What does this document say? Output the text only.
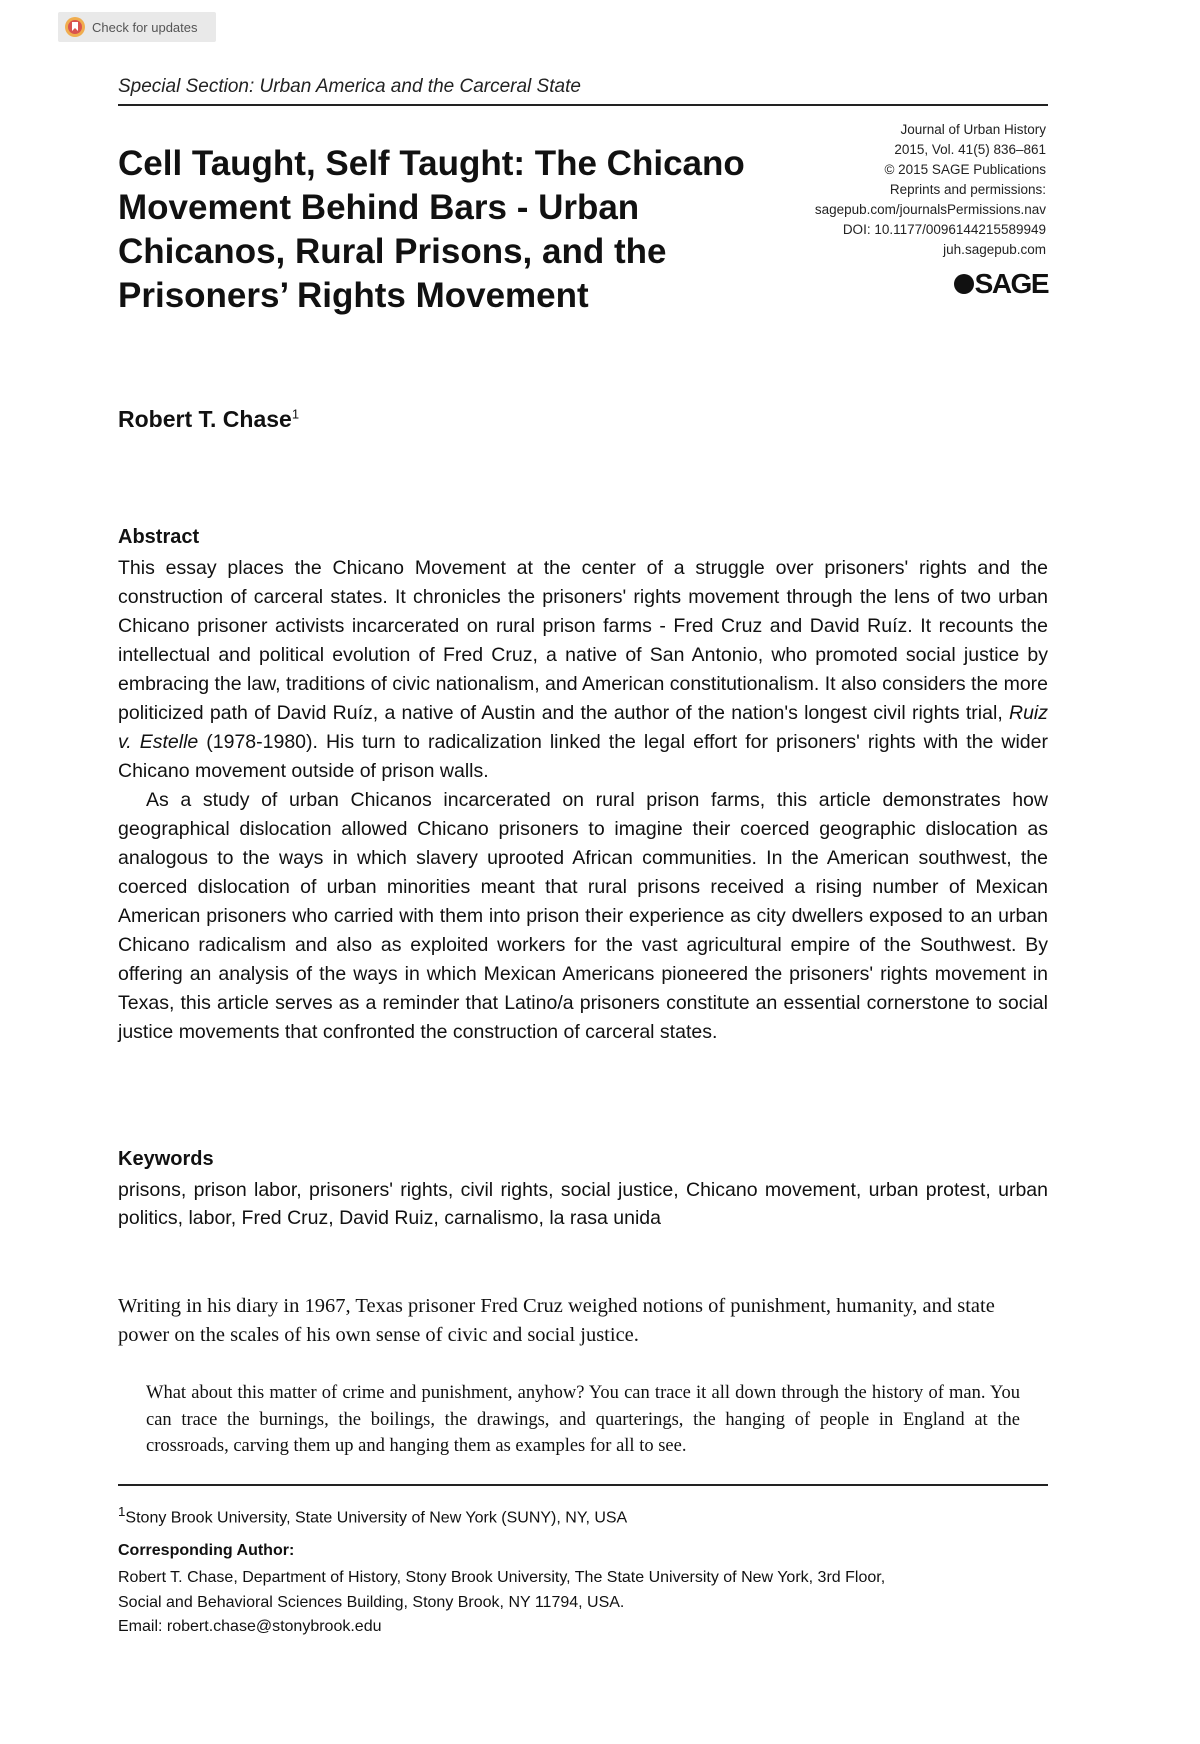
Check for updates
Special Section: Urban America and the Carceral State
Cell Taught, Self Taught: The Chicano Movement Behind Bars - Urban Chicanos, Rural Prisons, and the Prisoners’ Rights Movement
Journal of Urban History
2015, Vol. 41(5) 836–861
© 2015 SAGE Publications
Reprints and permissions:
sagepub.com/journalsPermissions.nav
DOI: 10.1177/0096144215589949
juh.sagepub.com
SAGE
Robert T. Chase$^1$
Abstract

This essay places the Chicano Movement at the center of a struggle over prisoners' rights and the construction of carceral states. It chronicles the prisoners' rights movement through the lens of two urban Chicano prisoner activists incarcerated on rural prison farms - Fred Cruz and David Ruíz. It recounts the intellectual and political evolution of Fred Cruz, a native of San Antonio, who promoted social justice by embracing the law, traditions of civic nationalism, and American constitutionalism. It also considers the more politicized path of David Ruíz, a native of Austin and the author of the nation's longest civil rights trial, Ruiz v. Estelle (1978-1980). His turn to radicalization linked the legal effort for prisoners' rights with the wider Chicano movement outside of prison walls.

As a study of urban Chicanos incarcerated on rural prison farms, this article demonstrates how geographical dislocation allowed Chicano prisoners to imagine their coerced geographic dislocation as analogous to the ways in which slavery uprooted African communities. In the American southwest, the coerced dislocation of urban minorities meant that rural prisons received a rising number of Mexican American prisoners who carried with them into prison their experience as city dwellers exposed to an urban Chicano radicalism and also as exploited workers for the vast agricultural empire of the Southwest. By offering an analysis of the ways in which Mexican Americans pioneered the prisoners' rights movement in Texas, this article serves as a reminder that Latino/a prisoners constitute an essential cornerstone to social justice movements that confronted the construction of carceral states.

Keywords

prisons, prison labor, prisoners' rights, civil rights, social justice, Chicano movement, urban protest, urban politics, labor, Fred Cruz, David Ruiz, carnalismo, la rasa unida

Writing in his diary in 1967, Texas prisoner Fred Cruz weighed notions of punishment, humanity, and state power on the scales of his own sense of civic and social justice.

What about this matter of crime and punishment, anyhow? You can trace it all down through the history of man. You can trace the burnings, the boilings, the drawings, and quarterings, the hanging of people in England at the crossroads, carving them up and hanging them as examples for all to see.

$^1$Stony Brook University, State University of New York (SUNY), NY, USA

Corresponding Author:
Robert T. Chase, Department of History, Stony Brook University, The State University of New York, 3rd Floor,
Social and Behavioral Sciences Building, Stony Brook, NY 11794, USA.
Email: robert.chase@stonybrook.edu
